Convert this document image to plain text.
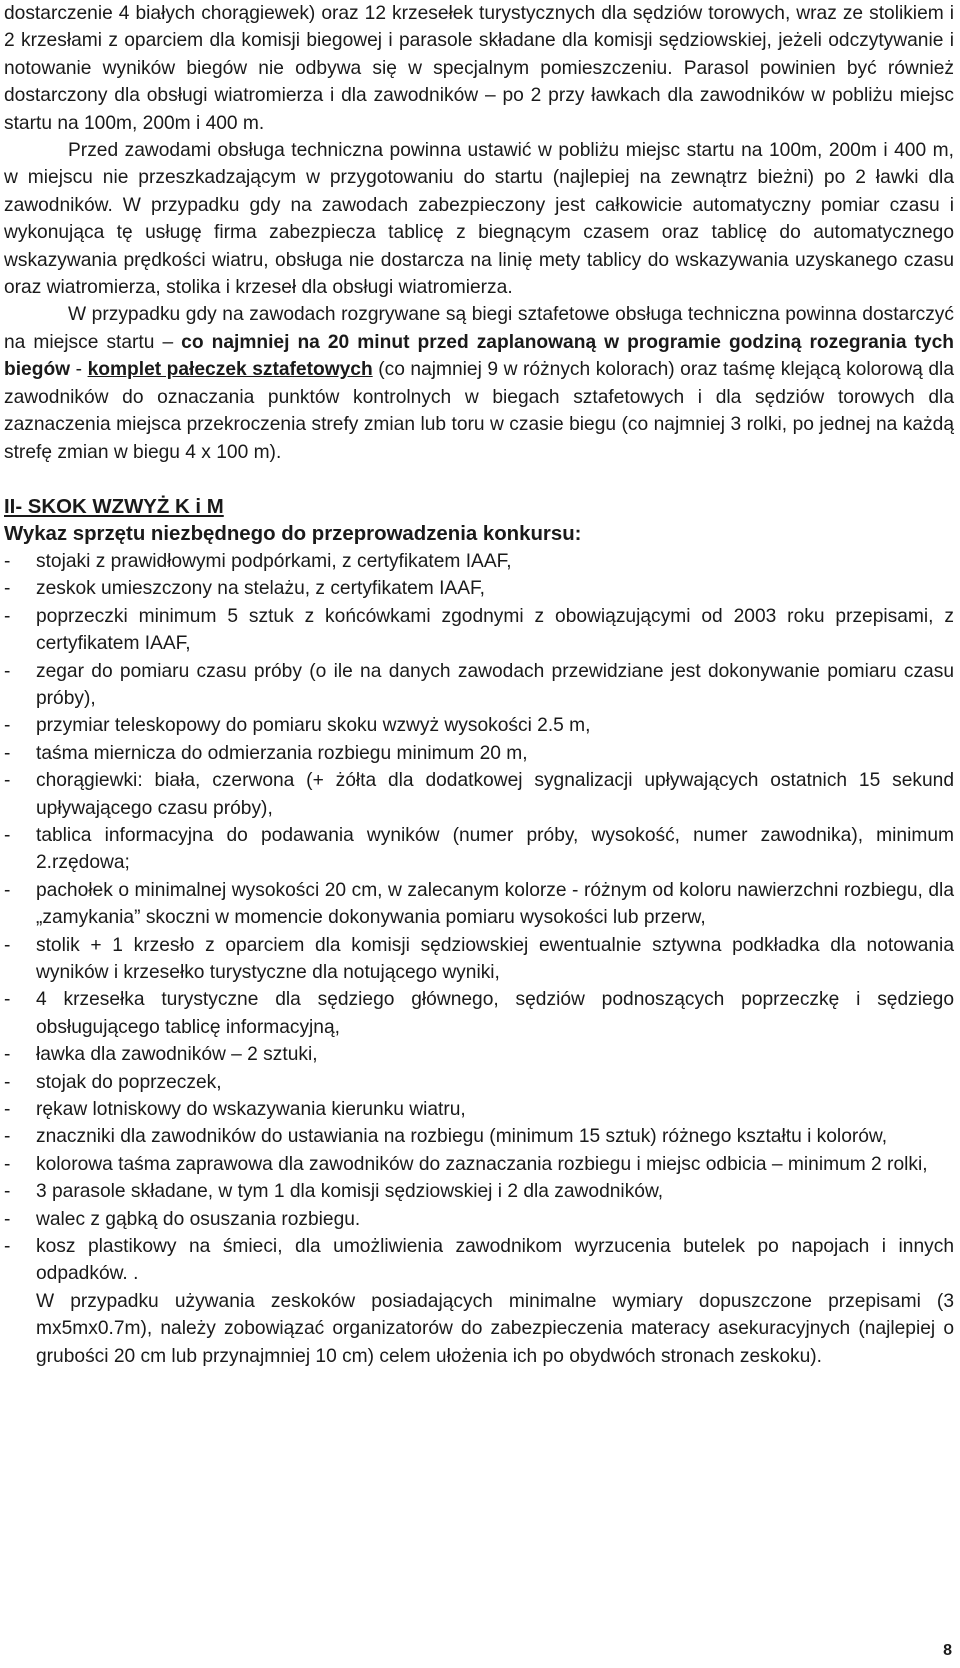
dostarczenie 4 białych chorągiewek) oraz 12 krzesełek turystycznych dla sędziów torowych, wraz ze stolikiem i 2 krzesłami z oparciem dla komisji biegowej i parasole składane dla komisji sędziowskiej, jeżeli odczytywanie i notowanie wyników biegów nie odbywa się w specjalnym pomieszczeniu. Parasol powinien być również dostarczony dla obsługi wiatromierza i dla zawodników – po 2 przy ławkach dla zawodników w pobliżu miejsc startu na 100m, 200m i 400 m.

Przed zawodami obsługa techniczna powinna ustawić w pobliżu miejsc startu na 100m, 200m i 400 m, w miejscu nie przeszkadzającym w przygotowaniu do startu (najlepiej na zewnątrz bieżni) po 2 ławki dla zawodników. W przypadku gdy na zawodach zabezpieczony jest całkowicie automatyczny pomiar czasu i wykonująca tę usługę firma zabezpiecza tablicę z biegnącym czasem oraz tablicę do automatycznego wskazywania prędkości wiatru, obsługa nie dostarcza na linię mety tablicy do wskazywania uzyskanego czasu oraz wiatromierza, stolika i krzeseł dla obsługi wiatromierza.

W przypadku gdy na zawodach rozgrywane są biegi sztafetowe obsługa techniczna powinna dostarczyć na miejsce startu – co najmniej na 20 minut przed zaplanowaną w programie godziną rozegrania tych biegów - komplet pałeczek sztafetowych (co najmniej 9 w różnych kolorach) oraz taśmę klejącą kolorową dla zawodników do oznaczania punktów kontrolnych w biegach sztafetowych i dla sędziów torowych dla zaznaczenia miejsca przekroczenia strefy zmian lub toru w czasie biegu (co najmniej 3 rolki, po jednej na każdą strefę zmian w biegu 4 x 100 m).

II- SKOK WZWYŻ K i M
Wykaz sprzętu niezbędnego do przeprowadzenia konkursu:
- stojaki z prawidłowymi podpórkami, z certyfikatem IAAF,
- zeskok umieszczony na stelażu, z certyfikatem IAAF,
- poprzeczki minimum 5 sztuk z końcówkami zgodnymi z obowiązującymi od 2003 roku przepisami, z certyfikatem IAAF,
- zegar do pomiaru czasu próby (o ile na danych zawodach przewidziane jest dokonywanie pomiaru czasu próby),
- przymiar teleskopowy do pomiaru skoku wzwyż wysokości 2.5 m,
- taśma miernicza do odmierzania rozbiegu minimum 20 m,
- chorągiewki: biała, czerwona (+ żółta dla dodatkowej sygnalizacji upływających ostatnich 15 sekund upływającego czasu próby),
- tablica informacyjna do podawania wyników (numer próby, wysokość, numer zawodnika), minimum 2.rzędowa;
- pachołek o minimalnej wysokości 20 cm, w zalecanym kolorze - różnym od koloru nawierzchni rozbiegu, dla „zamykania” skoczni w momencie dokonywania pomiaru wysokości lub przerw,
- stolik + 1 krzesło z oparciem dla komisji sędziowskiej ewentualnie sztywna podkładka dla notowania wyników i krzesełko turystyczne dla notującego wyniki,
- 4 krzesełka turystyczne dla sędziego głównego, sędziów podnoszących poprzeczkę i sędziego obsługującego tablicę informacyjną,
- ławka dla zawodników – 2 sztuki,
- stojak do poprzeczek,
- rękaw lotniskowy do wskazywania kierunku wiatru,
- znaczniki dla zawodników do ustawiania na rozbiegu (minimum 15 sztuk) różnego kształtu i kolorów,
- kolorowa taśma zaprawowa dla zawodników do zaznaczania rozbiegu i miejsc odbicia – minimum 2 rolki,
- 3 parasole składane, w tym 1 dla komisji sędziowskiej i 2 dla zawodników,
- walec z gąbką do osuszania rozbiegu.
- kosz plastikowy na śmieci, dla umożliwienia zawodnikom wyrzucenia butelek po napojach i innych odpadków. .

W przypadku używania zeskoków posiadających minimalne wymiary dopuszczone przepisami (3 mx5mx0.7m), należy zobowiązać organizatorów do zabezpieczenia materacy asekuracyjnych (najlepiej o grubości 20 cm lub przynajmniej 10 cm) celem ułożenia ich po obydwóch stronach zeskoku).

8
